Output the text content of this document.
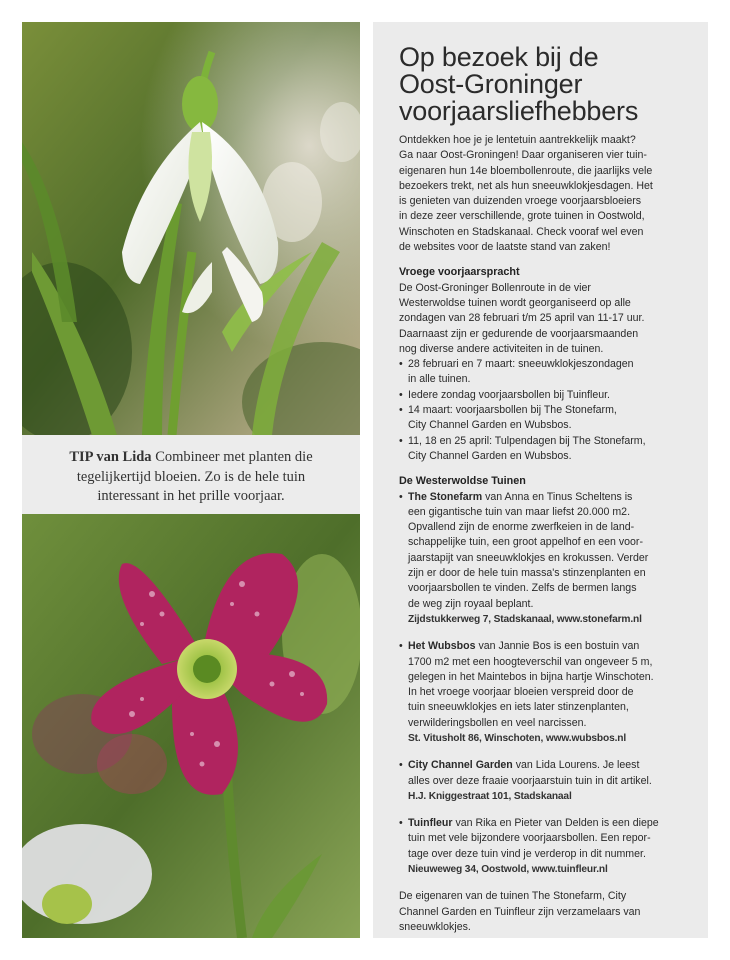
TIP van Lida Combineer met planten die
tegelijkertijd bloeien. Zo is de hele tuin
interessant in het prille voorjaar.
Op bezoek bij de
Oost-Groninger
voorjaarsliefhebbers
Ontdekken hoe je je lentetuin aantrekkelijk maakt?
Ga naar Oost-Groningen! Daar organiseren vier tuin-
eigenaren hun 14e bloembollenroute, die jaarlijks vele
bezoekers trekt, net als hun sneeuwklokjesdagen. Het
is genieten van duizenden vroege voorjaarsbloeiers
in deze zeer verschillende, grote tuinen in Oostwold,
Winschoten en Stadskanaal. Check vooraf wel even
de websites voor de laatste stand van zaken!
Vroege voorjaarspracht
De Oost-Groninger Bollenroute in de vier
Westerwoldse tuinen wordt georganiseerd op alle
zondagen van 28 februari t/m 25 april van 11-17 uur.
Daarnaast zijn er gedurende de voorjaarsmaanden
nog diverse andere activiteiten in de tuinen.
• 28 februari en 7 maart: sneeuwklokjeszondagen
in alle tuinen.
• Iedere zondag voorjaarsbollen bij Tuinfleur.
• 14 maart: voorjaarsbollen bij The Stonefarm,
City Channel Garden en Wubsbos.
• 11, 18 en 25 april: Tulpendagen bij The Stonefarm,
City Channel Garden en Wubsbos.
De Westerwoldse Tuinen
• The Stonefarm van Anna en Tinus Scheltens is
een gigantische tuin van maar liefst 20.000 m2.
Opvallend zijn de enorme zwerfkeien in de land-
schappelijke tuin, een groot appelhof en een voor-
jaarstapijt van sneeuwklokjes en krokussen. Verder
zijn er door de hele tuin massa's stinzenplanten en
voorjaarsbollen te vinden. Zelfs de bermen langs
de weg zijn royaal beplant.
Zijdstukkerweg 7, Stadskanaal, www.stonefarm.nl
• Het Wubsbos van Jannie Bos is een bostuin van
1700 m2 met een hoogteverschil van ongeveer 5 m,
gelegen in het Maintebos in bijna hartje Winschoten.
In het vroege voorjaar bloeien verspreid door de
tuin sneeuwklokjes en iets later stinzenplanten,
verwilderingsbollen en veel narcissen.
St. Vitusholt 86, Winschoten, www.wubsbos.nl
• City Channel Garden van Lida Lourens. Je leest
alles over deze fraaie voorjaarstuin tuin in dit artikel.
H.J. Kniggestraat 101, Stadskanaal
• Tuinfleur van Rika en Pieter van Delden is een diepe
tuin met vele bijzondere voorjaarsbollen. Een repor-
tage over deze tuin vind je verderop in dit nummer.
Nieuweweg 34, Oostwold, www.tuinfleur.nl
De eigenaren van de tuinen The Stonefarm, City
Channel Garden en Tuinfleur zijn verzamelaars van
sneeuwklokjes.
